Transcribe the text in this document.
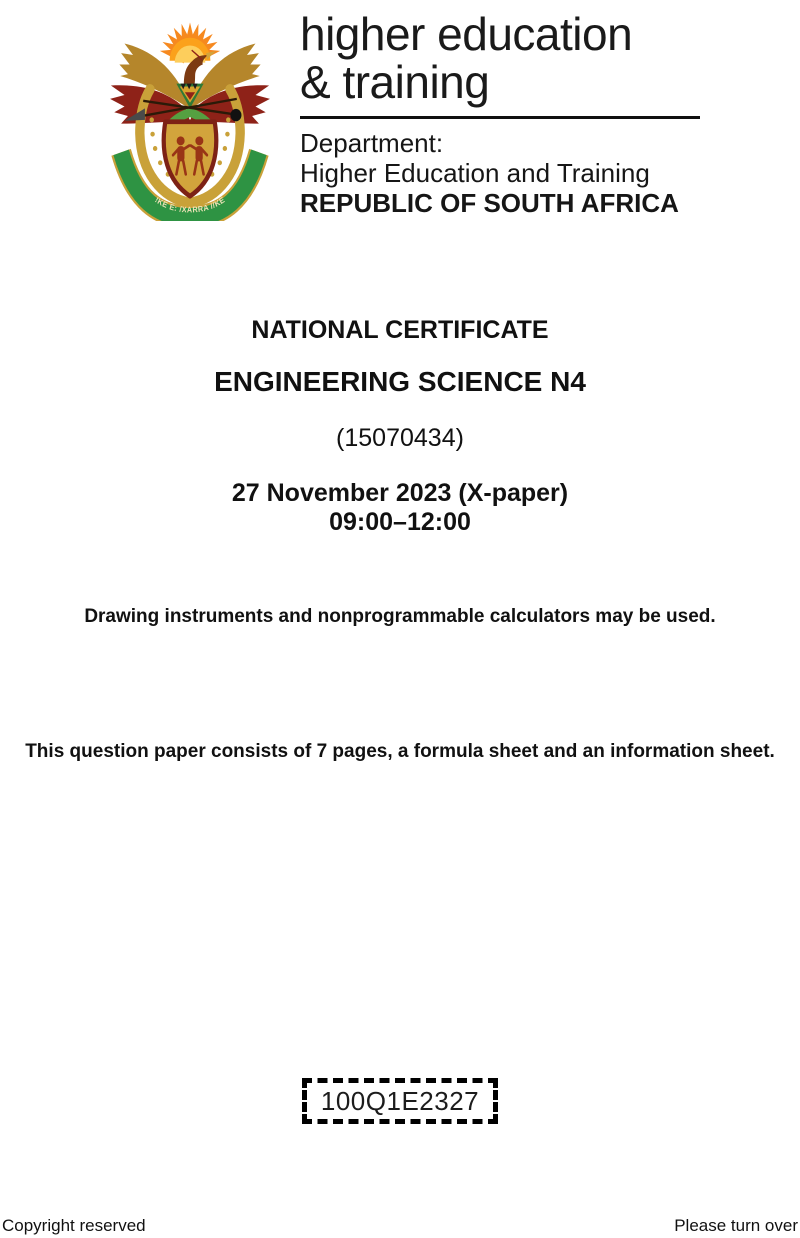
!KE E: /XARRA //KE
higher education
& training
Department:
Higher Education and Training
REPUBLIC OF SOUTH AFRICA
NATIONAL CERTIFICATE
ENGINEERING SCIENCE N4
(15070434)
27 November 2023 (X-paper)
09:00–12:00
Drawing instruments and nonprogrammable calculators may be used.
This question paper consists of 7 pages, a formula sheet and an information sheet.
100Q1E2327
Copyright reserved	Please turn over
